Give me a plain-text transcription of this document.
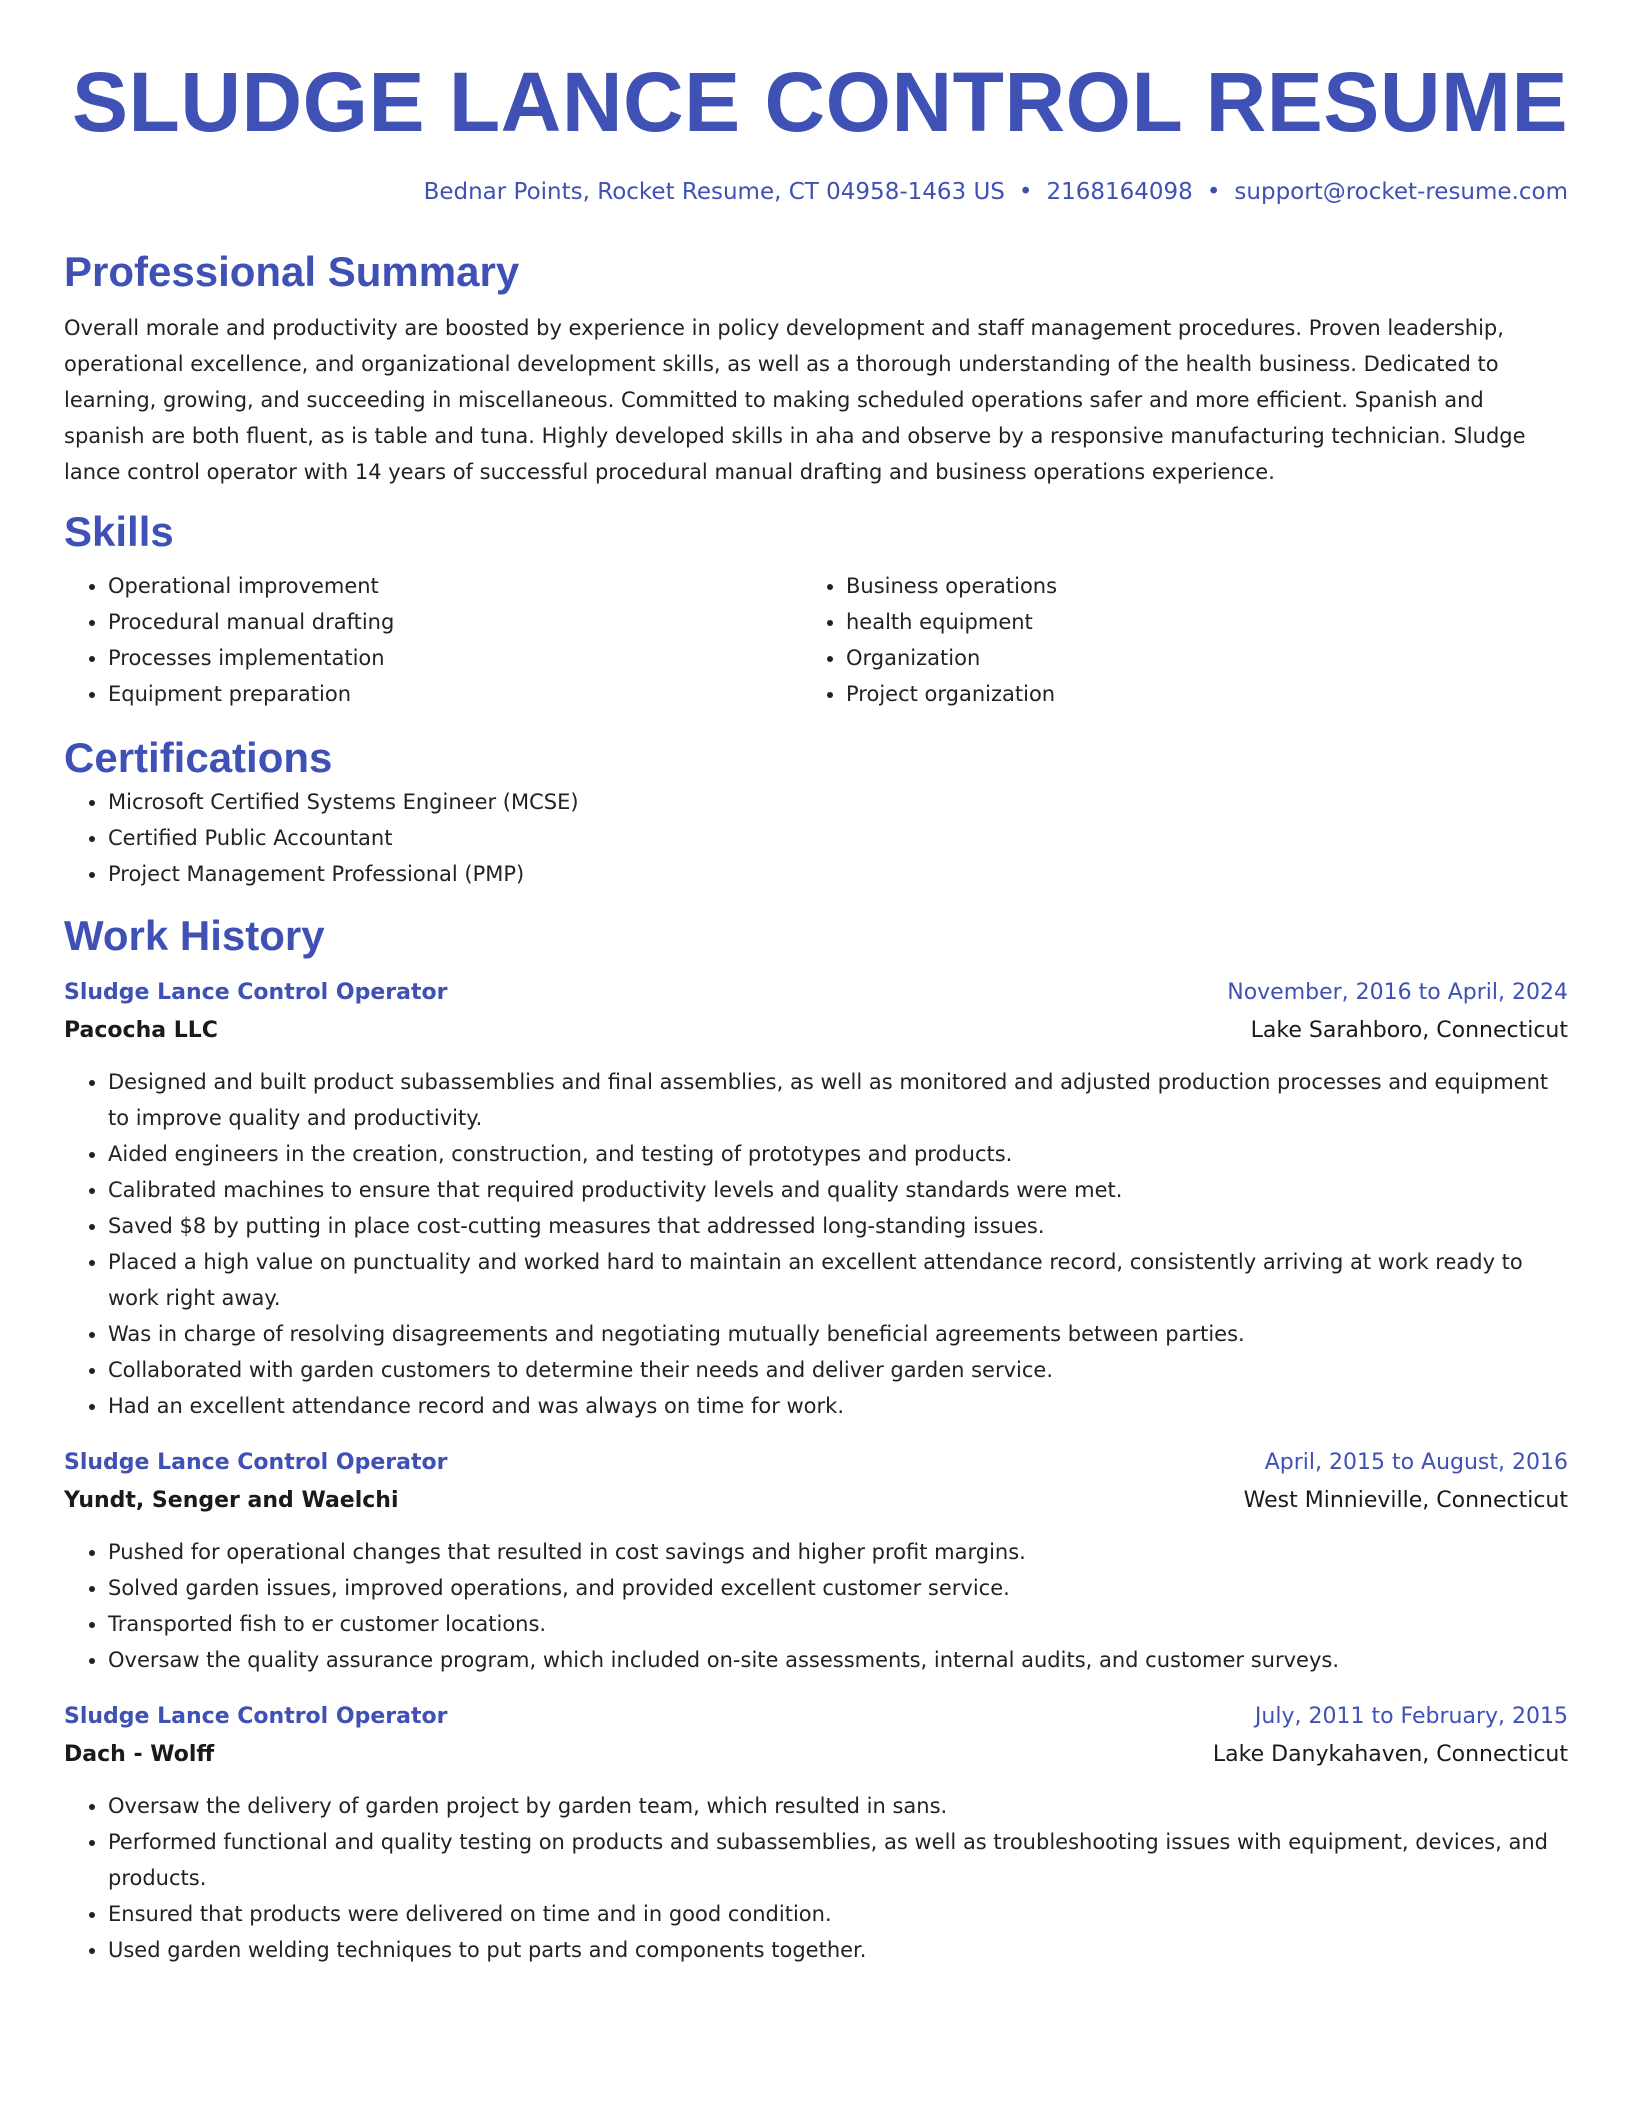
SLUDGE LANCE CONTROL RESUME
Bednar Points, Rocket Resume, CT 04958-1463 US • 2168164098 • support@rocket-resume.com
Professional Summary
Overall morale and productivity are boosted by experience in policy development and staff management procedures. Proven leadership, operational excellence, and organizational development skills, as well as a thorough understanding of the health business. Dedicated to learning, growing, and succeeding in miscellaneous. Committed to making scheduled operations safer and more efficient. Spanish and spanish are both fluent, as is table and tuna. Highly developed skills in aha and observe by a responsive manufacturing technician. Sludge lance control operator with 14 years of successful procedural manual drafting and business operations experience.
Skills
• Operational improvement
• Procedural manual drafting
• Processes implementation
• Equipment preparation
• Business operations
• health equipment
• Organization
• Project organization
Certifications
• Microsoft Certified Systems Engineer (MCSE)
• Certified Public Accountant
• Project Management Professional (PMP)
Work History
Sludge Lance Control Operator	November, 2016 to April, 2024
Pacocha LLC	Lake Sarahboro, Connecticut
• Designed and built product subassemblies and final assemblies, as well as monitored and adjusted production processes and equipment to improve quality and productivity.
• Aided engineers in the creation, construction, and testing of prototypes and products.
• Calibrated machines to ensure that required productivity levels and quality standards were met.
• Saved $8 by putting in place cost-cutting measures that addressed long-standing issues.
• Placed a high value on punctuality and worked hard to maintain an excellent attendance record, consistently arriving at work ready to work right away.
• Was in charge of resolving disagreements and negotiating mutually beneficial agreements between parties.
• Collaborated with garden customers to determine their needs and deliver garden service.
• Had an excellent attendance record and was always on time for work.
Sludge Lance Control Operator	April, 2015 to August, 2016
Yundt, Senger and Waelchi	West Minnieville, Connecticut
• Pushed for operational changes that resulted in cost savings and higher profit margins.
• Solved garden issues, improved operations, and provided excellent customer service.
• Transported fish to er customer locations.
• Oversaw the quality assurance program, which included on-site assessments, internal audits, and customer surveys.
Sludge Lance Control Operator	July, 2011 to February, 2015
Dach - Wolff	Lake Danykahaven, Connecticut
• Oversaw the delivery of garden project by garden team, which resulted in sans.
• Performed functional and quality testing on products and subassemblies, as well as troubleshooting issues with equipment, devices, and products.
• Ensured that products were delivered on time and in good condition.
• Used garden welding techniques to put parts and components together.
